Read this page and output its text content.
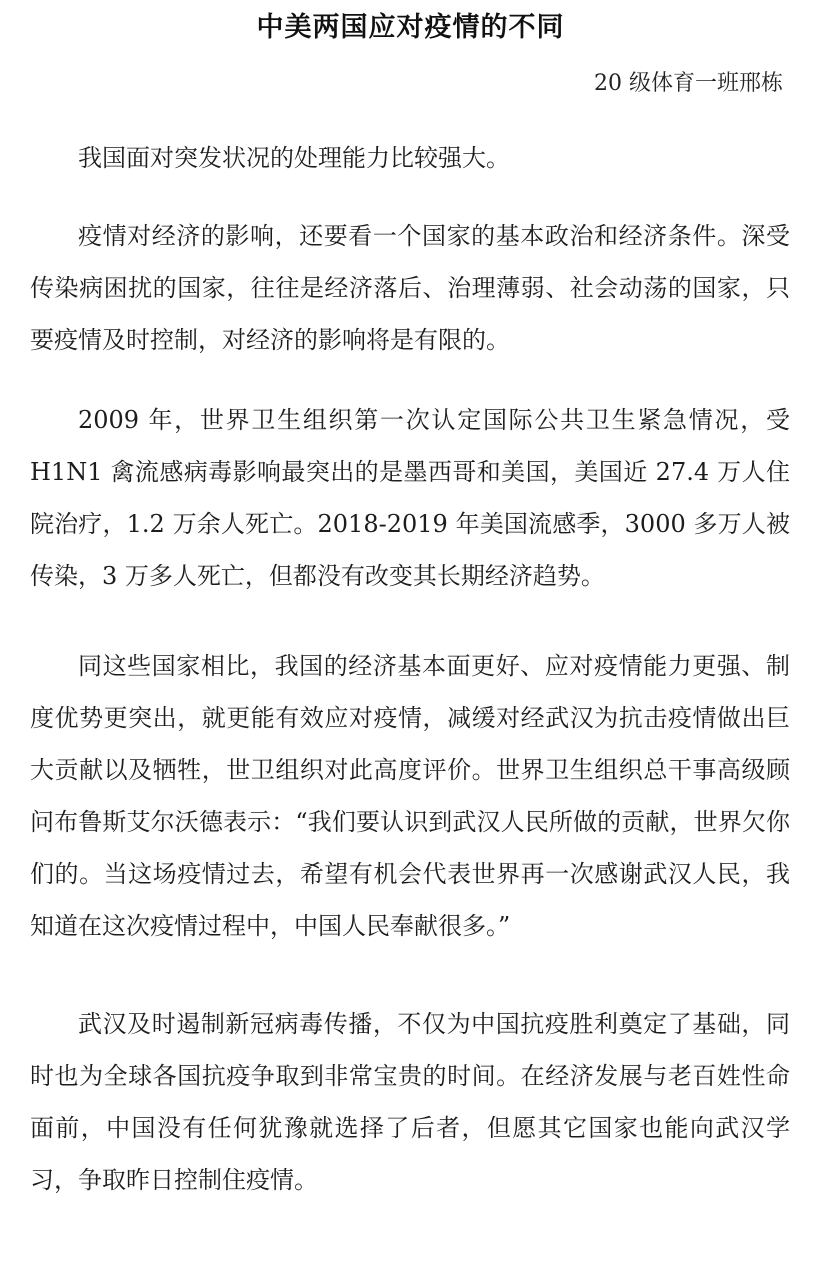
中美两国应对疫情的不同
20 级体育一班邢栋

我国面对突发状况的处理能力比较强大。

疫情对经济的影响，还要看一个国家的基本政治和经济条件。深受传染病困扰的国家，往往是经济落后、治理薄弱、社会动荡的国家，只要疫情及时控制，对经济的影响将是有限的。

2009 年，世界卫生组织第一次认定国际公共卫生紧急情况，受 H1N1 禽流感病毒影响最突出的是墨西哥和美国，美国近 27.4 万人住院治疗，1.2 万余人死亡。2018-2019 年美国流感季，3000 多万人被传染，3 万多人死亡，但都没有改变其长期经济趋势。

同这些国家相比，我国的经济基本面更好、应对疫情能力更强、制度优势更突出，就更能有效应对疫情，减缓对经武汉为抗击疫情做出巨大贡献以及牺牲，世卫组织对此高度评价。世界卫生组织总干事高级顾问布鲁斯艾尔沃德表示：“我们要认识到武汉人民所做的贡献，世界欠你们的。当这场疫情过去，希望有机会代表世界再一次感谢武汉人民，我知道在这次疫情过程中，中国人民奉献很多。”

武汉及时遏制新冠病毒传播，不仅为中国抗疫胜利奠定了基础，同时也为全球各国抗疫争取到非常宝贵的时间。在经济发展与老百姓性命面前，中国没有任何犹豫就选择了后者，但愿其它国家也能向武汉学习，争取昨日控制住疫情。
